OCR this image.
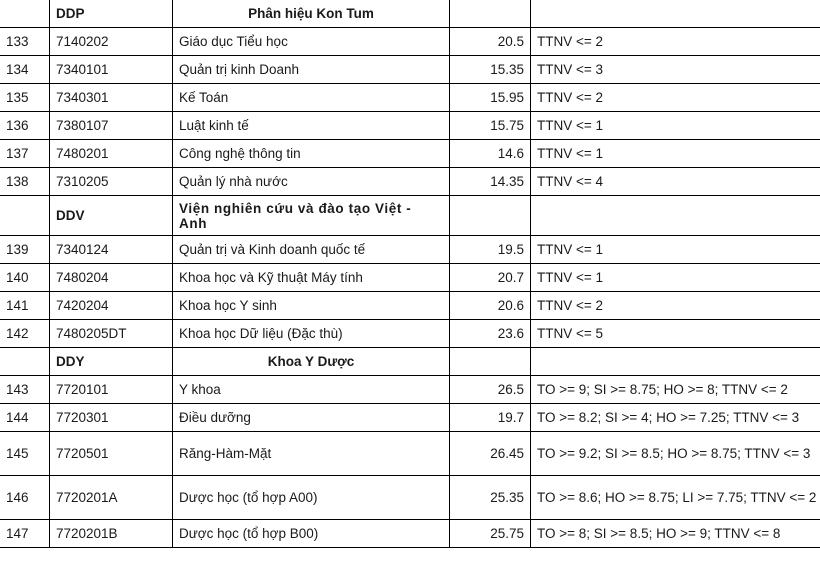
	DDP	Phân hiệu Kon Tum		
133	7140202	Giáo dục Tiểu học	20.5	TTNV <= 2
134	7340101	Quản trị kinh Doanh	15.35	TTNV <= 3
135	7340301	Kế Toán	15.95	TTNV <= 2
136	7380107	Luật kinh tế	15.75	TTNV <= 1
137	7480201	Công nghệ thông tin	14.6	TTNV <= 1
138	7310205	Quản lý nhà nước	14.35	TTNV <= 4
	DDV	Viện nghiên cứu và đào tạo Việt - Anh		
139	7340124	Quản trị và Kinh doanh quốc tế	19.5	TTNV <= 1
140	7480204	Khoa học và Kỹ thuật Máy tính	20.7	TTNV <= 1
141	7420204	Khoa học Y sinh	20.6	TTNV <= 2
142	7480205DT	Khoa học Dữ liệu (Đặc thù)	23.6	TTNV <= 5
	DDY	Khoa Y Dược		
143	7720101	Y khoa	26.5	TO >= 9; SI >= 8.75; HO >= 8; TTNV <= 2
144	7720301	Điều dưỡng	19.7	TO >= 8.2; SI >= 4; HO >= 7.25; TTNV <= 3
145	7720501	Răng-Hàm-Mặt	26.45	TO >= 9.2; SI >= 8.5; HO >= 8.75; TTNV <= 3
146	7720201A	Dược học (tổ hợp A00)	25.35	TO >= 8.6; HO >= 8.75; LI >= 7.75; TTNV <= 2
147	7720201B	Dược học (tổ hợp B00)	25.75	TO >= 8; SI >= 8.5; HO >= 9; TTNV <= 8
